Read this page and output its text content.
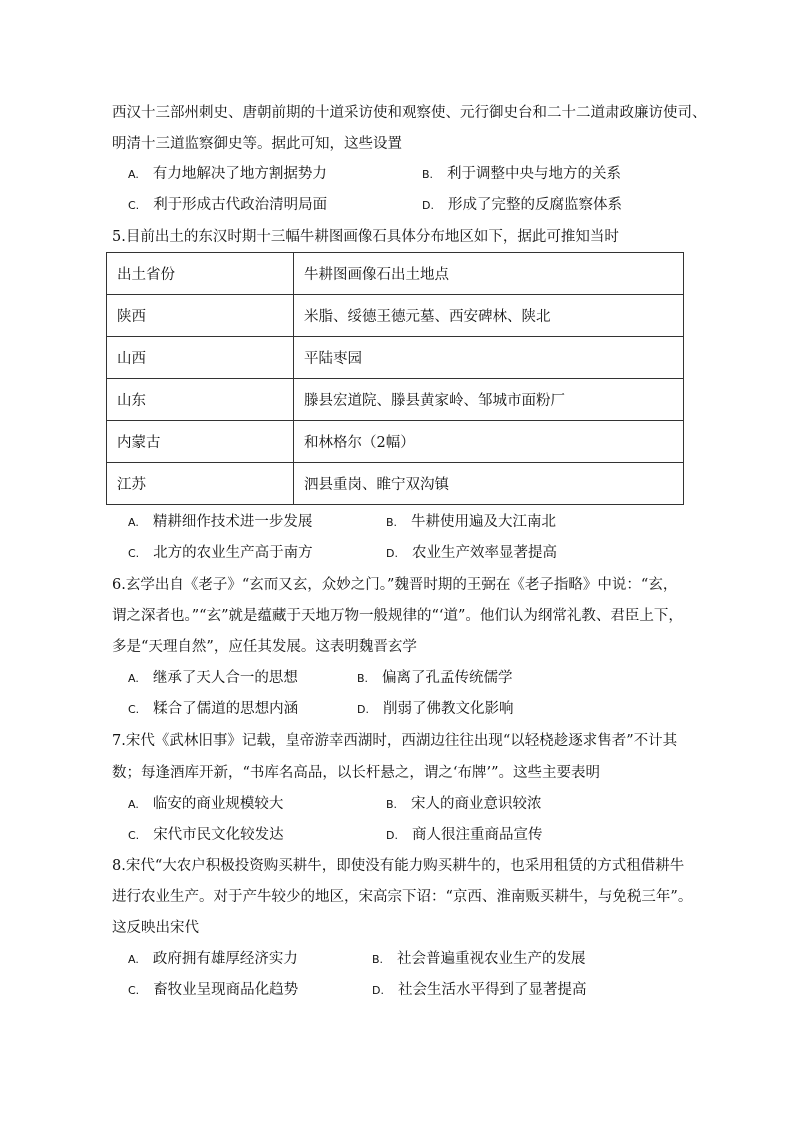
西汉十三部州刺史、唐朝前期的十道采访使和观察使、元行御史台和二十二道肃政廉访使司、
明清十三道监察御史等。据此可知，这些设置
A. 有力地解决了地方割据势力	B. 利于调整中央与地方的关系
C. 利于形成古代政治清明局面	D. 形成了完整的反腐监察体系
5.目前出土的东汉时期十三幅牛耕图画像石具体分布地区如下，据此可推知当时
出土省份	牛耕图画像石出土地点
陕西	米脂、绥德王德元墓、西安碑林、陕北
山西	平陆枣园
山东	滕县宏道院、滕县黄家岭、邹城市面粉厂
内蒙古	和林格尔（2幅）
江苏	泗县重岗、睢宁双沟镇
A. 精耕细作技术进一步发展	B. 牛耕使用遍及大江南北
C. 北方的农业生产高于南方	D. 农业生产效率显著提高
6.玄学出自《老子》“玄而又玄，众妙之门。”魏晋时期的王弼在《老子指略》中说：“玄，
谓之深者也。”“玄”就是蕴藏于天地万物一般规律的“‘道”。他们认为纲常礼教、君臣上下，
多是“天理自然”，应任其发展。这表明魏晋玄学
A. 继承了天人合一的思想	B. 偏离了孔孟传统儒学
C. 糅合了儒道的思想内涵	D. 削弱了佛教文化影响
7.宋代《武林旧事》记载，皇帝游幸西湖时，西湖边往往出现“以轻桡趁逐求售者”不计其
数；每逢酒库开新，“书库名高品，以长杆悬之，谓之‘布牌’”。这些主要表明
A. 临安的商业规模较大	B. 宋人的商业意识较浓
C. 宋代市民文化较发达	D. 商人很注重商品宣传
8.宋代“大农户积极投资购买耕牛，即使没有能力购买耕牛的，也采用租赁的方式租借耕牛
进行农业生产。对于产牛较少的地区，宋高宗下诏：“京西、淮南贩买耕牛，与免税三年”。
这反映出宋代
A. 政府拥有雄厚经济实力	B. 社会普遍重视农业生产的发展
C. 畜牧业呈现商品化趋势	D. 社会生活水平得到了显著提高
